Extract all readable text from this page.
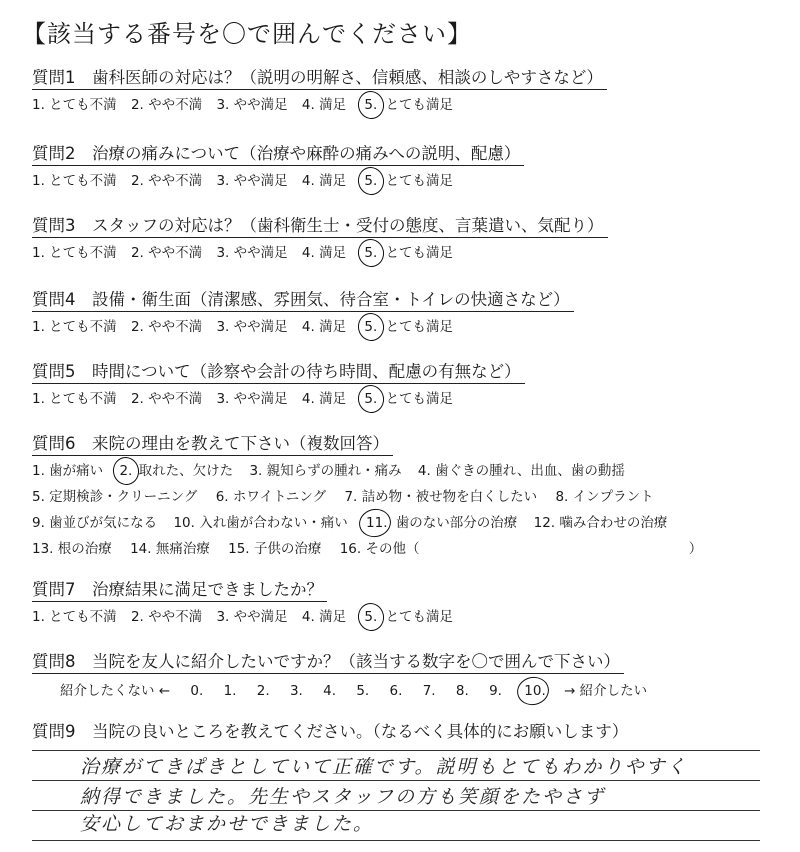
【該当する番号を〇で囲んでください】
質問1　歯科医師の対応は？（説明の明解さ、信頼感、相談のしやすさなど）
1. とても不満 2. やや不満 3. やや満足 4. 満足 5. とても満足
質問2　治療の痛みについて（治療や麻酔の痛みへの説明、配慮）
1. とても不満 2. やや不満 3. やや満足 4. 満足 5. とても満足
質問3　スタッフの対応は？（歯科衛生士・受付の態度、言葉遣い、気配り）
1. とても不満 2. やや不満 3. やや満足 4. 満足 5. とても満足
質問4　設備・衛生面（清潔感、雰囲気、待合室・トイレの快適さなど）
1. とても不満 2. やや不満 3. やや満足 4. 満足 5. とても満足
質問5　時間について（診察や会計の待ち時間、配慮の有無など）
1. とても不満 2. やや不満 3. やや満足 4. 満足 5. とても満足
質問6　来院の理由を教えて下さい（複数回答）
1. 歯が痛い 2. 取れた、欠けた 3. 親知らずの腫れ・痛み 4. 歯ぐきの腫れ、出血、歯の動揺
5. 定期検診・クリーニング 6. ホワイトニング 7. 詰め物・被せ物を白くしたい 8. インプラント
9. 歯並びが気になる 10. 入れ歯が合わない・痛い 11. 歯のない部分の治療 12. 噛み合わせの治療
13. 根の治療 14. 無痛治療 15. 子供の治療 16. その他（	）
質問7　治療結果に満足できましたか？
1. とても不満 2. やや不満 3. やや満足 4. 満足 5. とても満足
質問8　当院を友人に紹介したいですか？（該当する数字を〇で囲んで下さい）
紹介したくない ← 0. 1. 2. 3. 4. 5. 6. 7. 8. 9. 10. → 紹介したい
質問9　当院の良いところを教えてください。（なるべく具体的にお願いします）
治療がてきぱきとしていて正確です。説明もとてもわかりやすく
納得できました。先生やスタッフの方も笑顔をたやさず
安心しておまかせできました。
